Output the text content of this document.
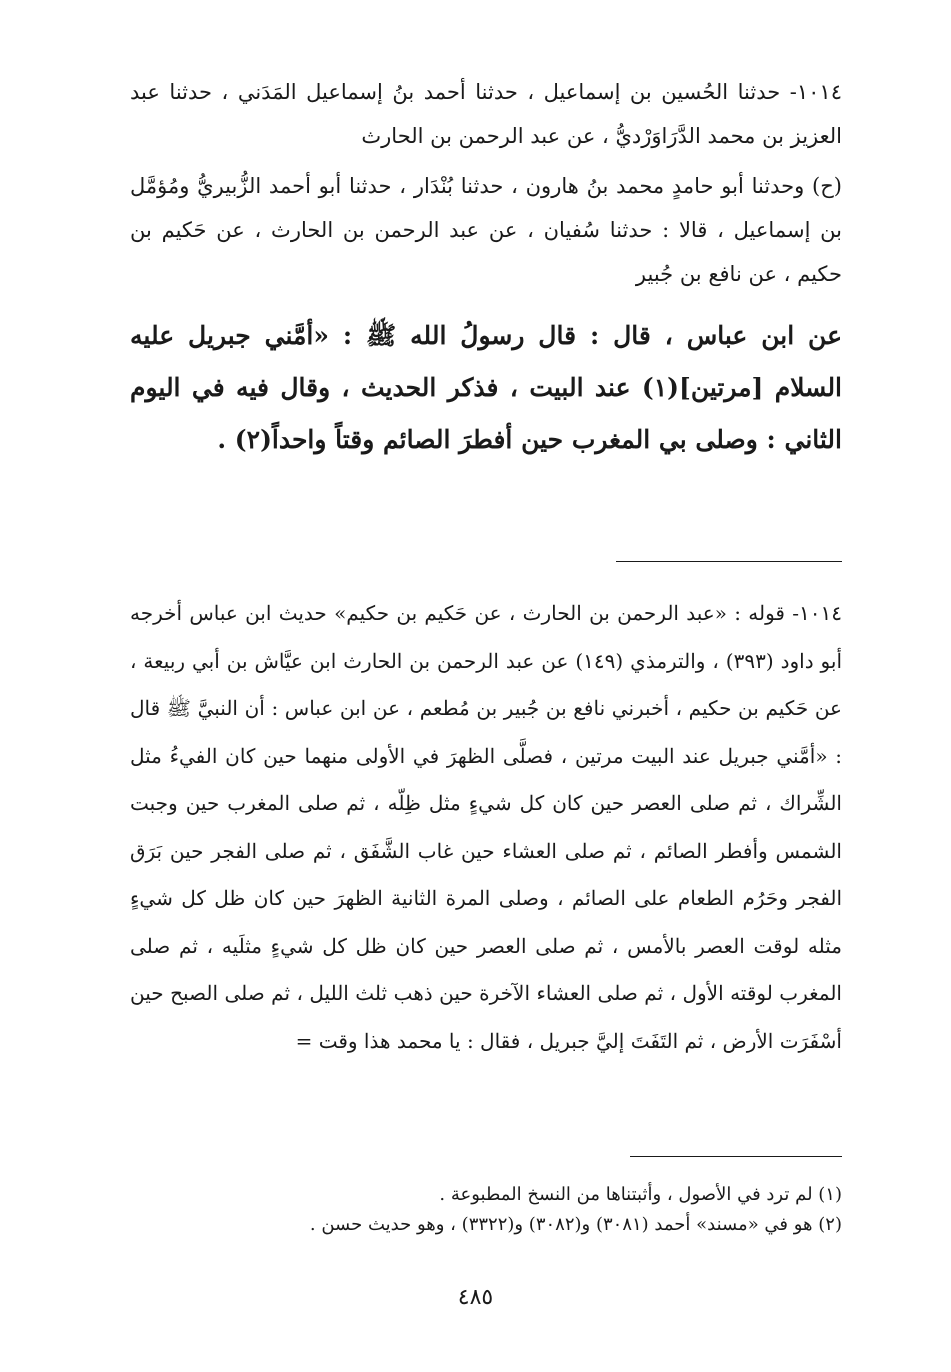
١٠١٤- حدثنا الحُسين بن إسماعيل ، حدثنا أحمد بنُ إسماعيل المَدَني ، حدثنا عبد العزيز بن محمد الدَّرَاوَرْديُّ ، عن عبد الرحمن بن الحارث

(ح) وحدثنا أبو حامدٍ محمد بنُ هارون ، حدثنا بُنْدَار ، حدثنا أبو أحمد الزُّبيريُّ ومُؤمَّل بن إسماعيل ، قالا : حدثنا سُفيان ، عن عبد الرحمن بن الحارث ، عن حَكيم بن حكيم ، عن نافع بن جُبير

عن ابن عباس ، قال : قال رسولُ الله ﷺ : «أمَّني جبريل عليه السلام [مرتين](١) عند البيت ، فذكر الحديث ، وقال فيه في اليوم الثاني : وصلى بي المغرب حين أفطرَ الصائم وقتاً واحداً(٢) .

١٠١٤- قوله : «عبد الرحمن بن الحارث ، عن حَكيم بن حكيم» حديث ابن عباس أخرجه أبو داود (٣٩٣) ، والترمذي (١٤٩) عن عبد الرحمن بن الحارث ابن عيَّاش بن أبي ربيعة ، عن حَكيم بن حكيم ، أخبرني نافع بن جُبير بن مُطعم ، عن ابن عباس : أن النبيَّ ﷺ قال : «أمَّني جبريل عند البيت مرتين ، فصلَّى الظهرَ في الأولى منهما حين كان الفيءُ مثل الشِّراك ، ثم صلى العصر حين كان كل شيءٍ مثل ظِلّه ، ثم صلى المغرب حين وجبت الشمس وأفطر الصائم ، ثم صلى العشاء حين غاب الشَّفَق ، ثم صلى الفجر حين بَرَق الفجر وحَرُم الطعام على الصائم ، وصلى المرة الثانية الظهرَ حين كان ظل كل شيءٍ مثله لوقت العصر بالأمس ، ثم صلى العصر حين كان ظل كل شيءٍ مثلَيه ، ثم صلى المغرب لوقته الأول ، ثم صلى العشاء الآخرة حين ذهب ثلث الليل ، ثم صلى الصبح حين أسْفَرَت الأرض ، ثم التَفَتَ إليَّ جبريل ، فقال : يا محمد هذا وقت =

(١) لم ترد في الأصول ، وأثبتناها من النسخ المطبوعة .

(٢) هو في «مسند» أحمد (٣٠٨١) و(٣٠٨٢) و(٣٣٢٢) ، وهو حديث حسن .

٤٨٥
